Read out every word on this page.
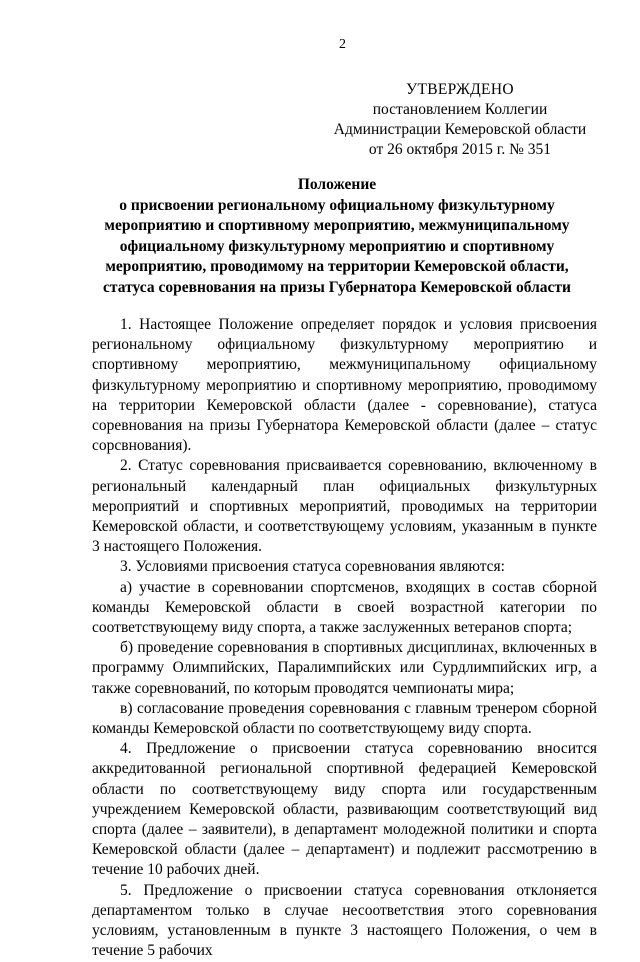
2
УТВЕРЖДЕНО
постановлением Коллегии
Администрации Кемеровской области
от 26 октября 2015 г. № 351
Положение
о присвоении региональному официальному физкультурному мероприятию и спортивному мероприятию, межмуниципальному официальному физкультурному мероприятию и спортивному мероприятию, проводимому на территории Кемеровской области, статуса соревнования на призы Губернатора Кемеровской области

1. Настоящее Положение определяет порядок и условия присвоения региональному официальному физкультурному мероприятию и спортивному мероприятию, межмуниципальному официальному физкультурному мероприятию и спортивному мероприятию, проводимому на территории Кемеровской области (далее - соревнование), статуса соревнования на призы Губернатора Кемеровской области (далее – статус сорсвнования).

2. Статус соревнования присваивается соревнованию, включенному в региональный календарный план официальных физкультурных мероприятий и спортивных мероприятий, проводимых на территории Кемеровской области, и соответствующему условиям, указанным в пункте 3 настоящего Положения.

3. Условиями присвоения статуса соревнования являются:

а) участие в соревновании спортсменов, входящих в состав сборной команды Кемеровской области в своей возрастной категории по соответствующему виду спорта, а также заслуженных ветеранов спорта;

б) проведение соревнования в спортивных дисциплинах, включенных в программу Олимпийских, Паралимпийских или Сурдлимпийских игр, а также соревнований, по которым проводятся чемпионаты мира;

в) согласование проведения соревнования с главным тренером сборной команды Кемеровской области по соответствующему виду спорта.

4. Предложение о присвоении статуса соревнованию вносится аккредитованной региональной спортивной федерацией Кемеровской области по соответствующему виду спорта или государственным учреждением Кемеровской области, развивающим соответствующий вид спорта (далее – заявители), в департамент молодежной политики и спорта Кемеровской области (далее – департамент) и подлежит рассмотрению в течение 10 рабочих дней.

5. Предложение о присвоении статуса соревнования отклоняется департаментом только в случае несоответствия этого соревнования условиям, установленным в пункте 3 настоящего Положения, о чем в течение 5 рабочих
